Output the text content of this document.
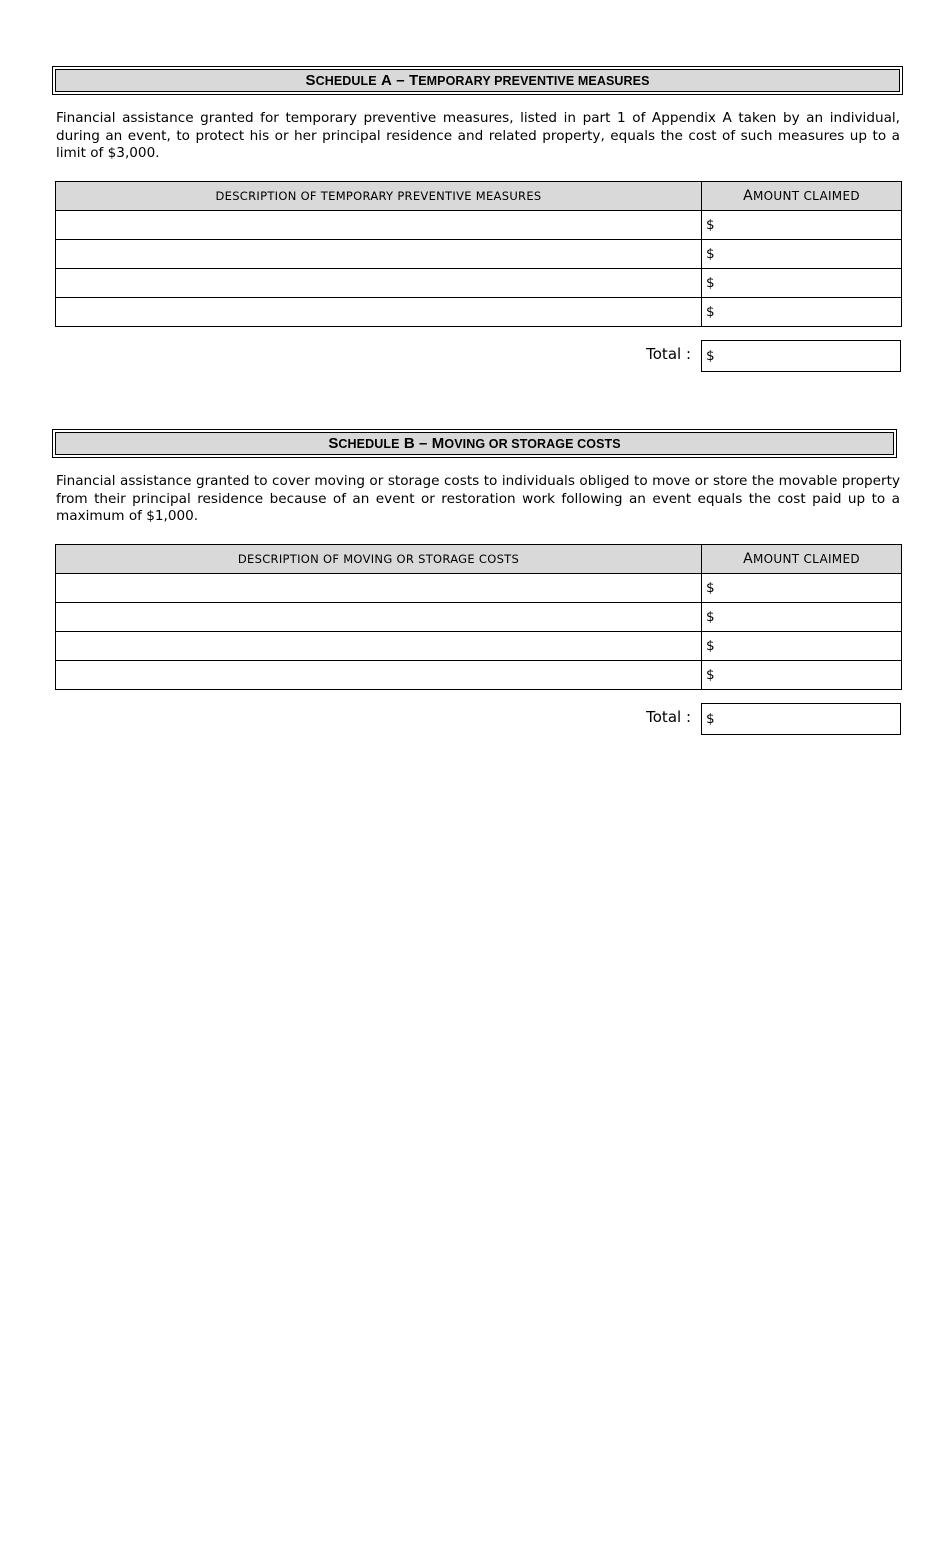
S CHEDULE
A
–
T EMPORARY PREVENTIVE MEASURES

Financial assistance granted for temporary preventive measures, listed in part 1 of Appendix A taken by an individual, during an event, to protect his or her principal residence and related property, equals the cost of such measures up to a limit of $3,000.

DESCRIPTION OF TEMPORARY PREVENTIVE MEASURES	AMOUNT CLAIMED
	$
	$
	$
	$
Total :	$
S CHEDULE
B
–
M OVING OR STORAGE COSTS

Financial assistance granted to cover moving or storage costs to individuals obliged to move or store the movable property from their principal residence because of an event or restoration work following an event equals the cost paid up to a maximum of $1,000.

DESCRIPTION OF MOVING OR STORAGE COSTS	AMOUNT CLAIMED
	$
	$
	$
	$
Total :	$
